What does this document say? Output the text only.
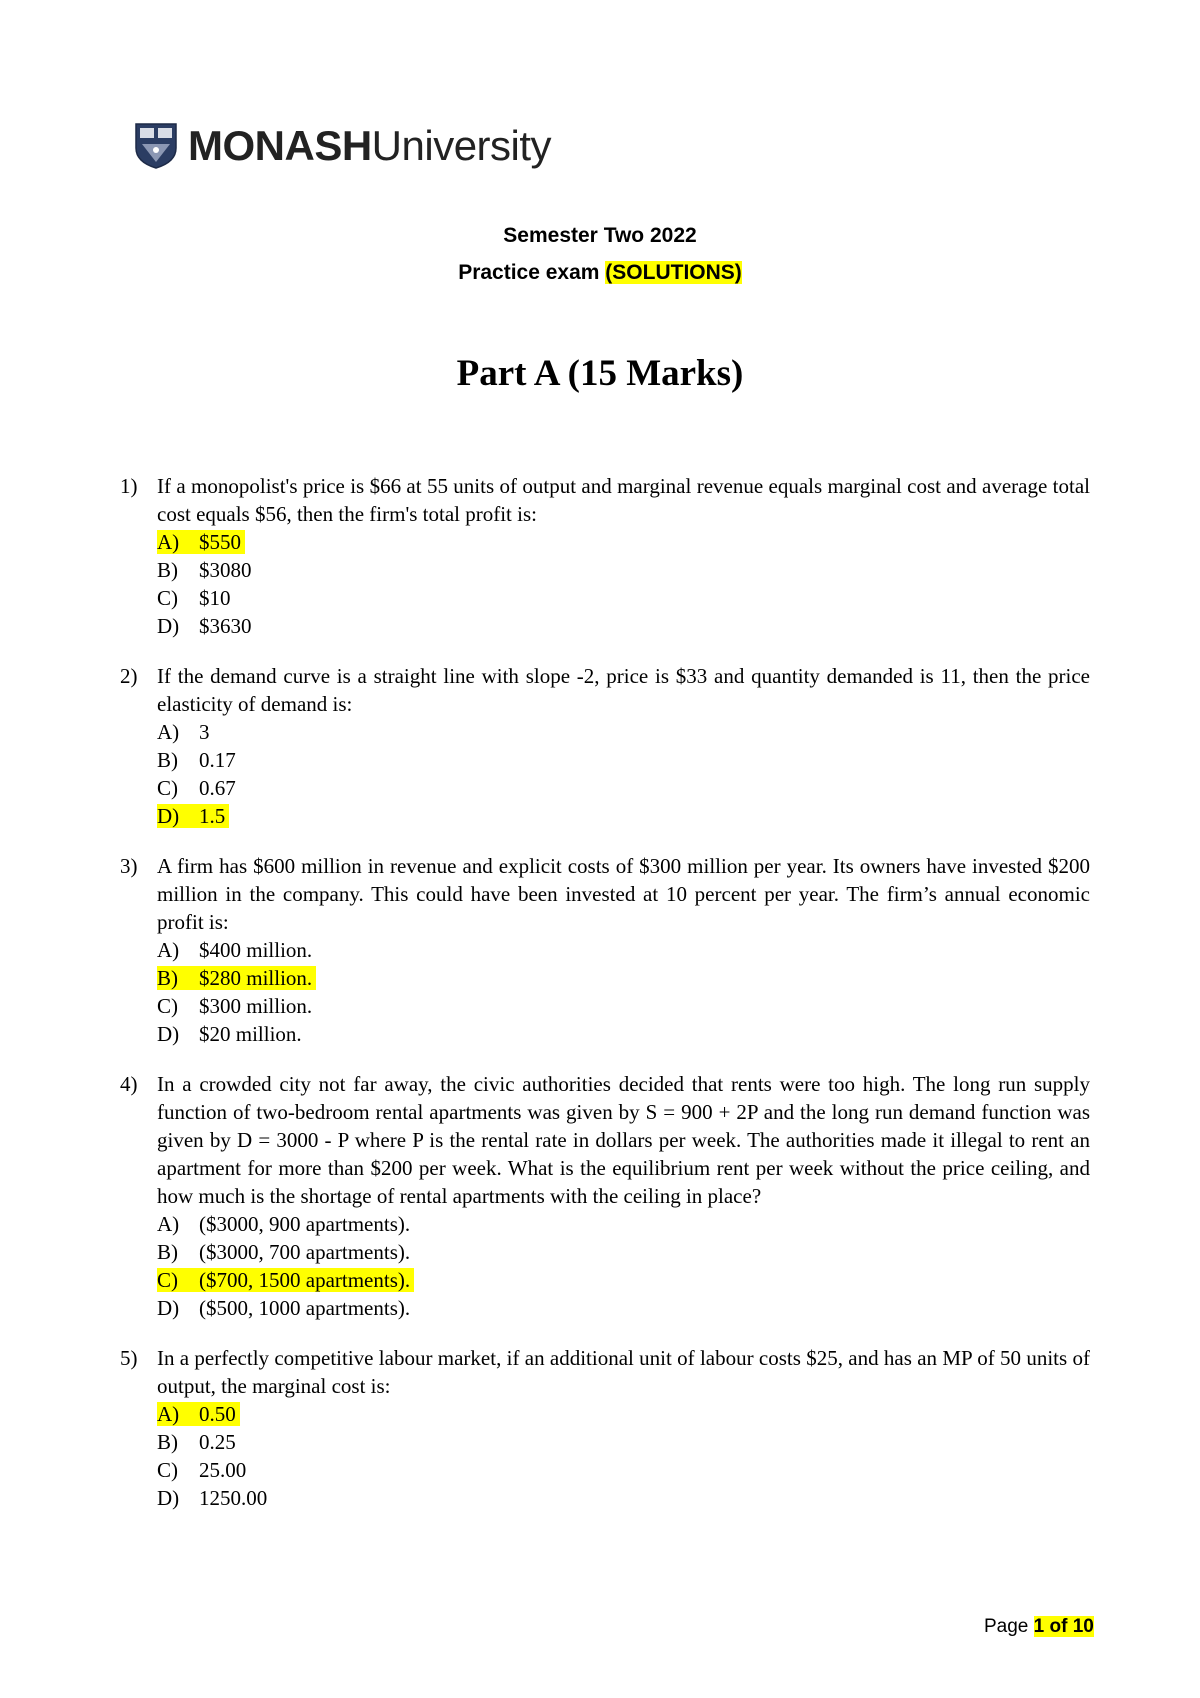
MONASHUniversity
Semester Two 2022
Practice exam (SOLUTIONS)
Part A (15 Marks)
1) If a monopolist's price is $66 at 55 units of output and marginal revenue equals marginal cost and average total cost equals $56, then the firm's total profit is:
A) $550
B) $3080
C) $10
D) $3630
2) If the demand curve is a straight line with slope -2, price is $33 and quantity demanded is 11, then the price elasticity of demand is:
A) 3
B) 0.17
C) 0.67
D) 1.5
3) A firm has $600 million in revenue and explicit costs of $300 million per year. Its owners have invested $200 million in the company. This could have been invested at 10 percent per year. The firm’s annual economic profit is:
A) $400 million.
B) $280 million.
C) $300 million.
D) $20 million.
4) In a crowded city not far away, the civic authorities decided that rents were too high. The long run supply function of two-bedroom rental apartments was given by S = 900 + 2P and the long run demand function was given by D = 3000 - P where P is the rental rate in dollars per week. The authorities made it illegal to rent an apartment for more than $200 per week. What is the equilibrium rent per week without the price ceiling, and how much is the shortage of rental apartments with the ceiling in place?
A) ($3000, 900 apartments).
B) ($3000, 700 apartments).
C) ($700, 1500 apartments).
D) ($500, 1000 apartments).
5) In a perfectly competitive labour market, if an additional unit of labour costs $25, and has an MP of 50 units of output, the marginal cost is:
A) 0.50
B) 0.25
C) 25.00
D) 1250.00
Page 1 of 10
